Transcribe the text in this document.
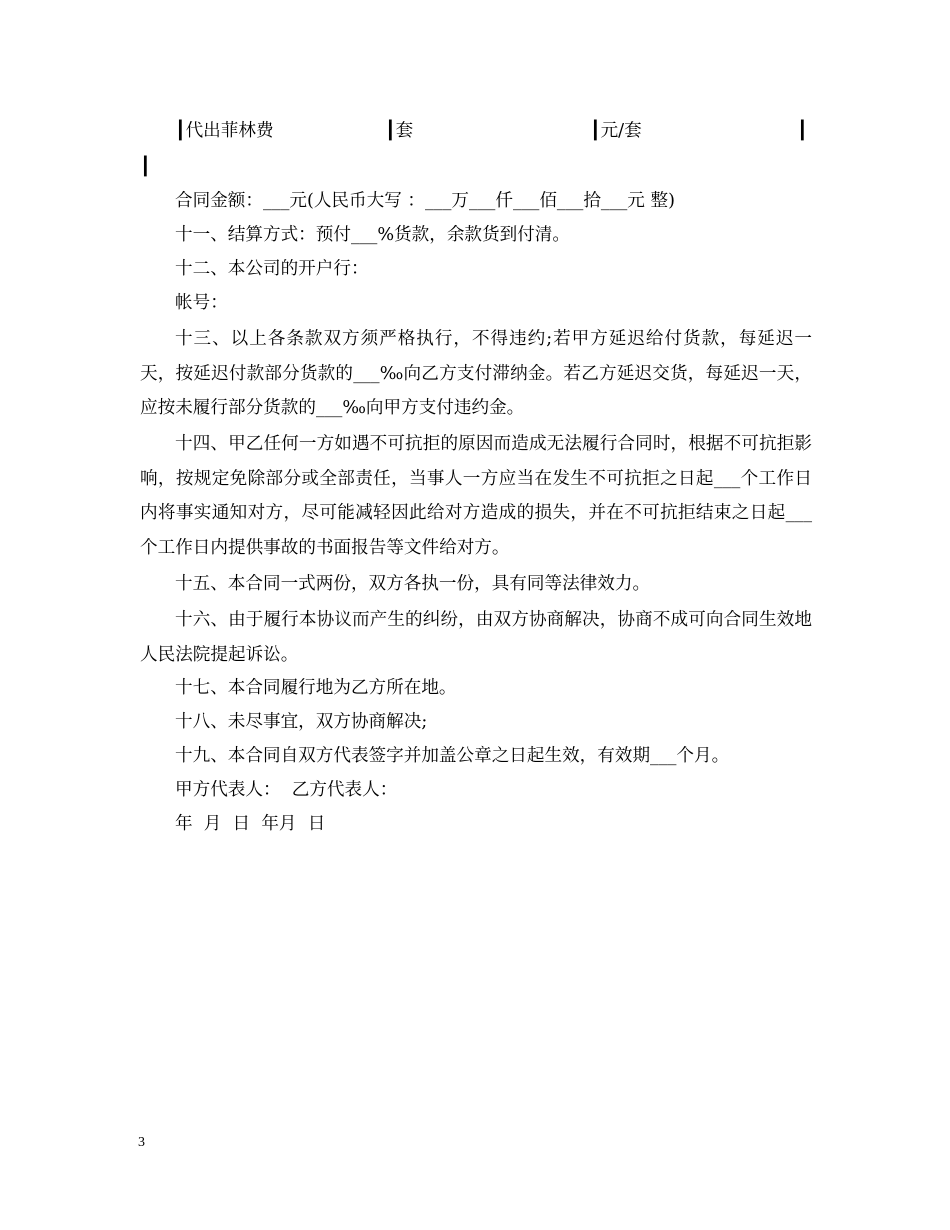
┃代出菲林费	┃套	┃元/套	┃
┃
合同金额：___元(人民币大写 ：___万___仟___佰___拾___元 整)
十一、结算方式：预付___%货款，余款货到付清。
十二、本公司的开户行：
帐号：

十三、以上各条款双方须严格执行，不得违约;若甲方延迟给付货款，每延迟一天，按延迟付款部分货款的___‰向乙方支付滞纳金。若乙方延迟交货，每延迟一天，应按未履行部分货款的___‰向甲方支付违约金。

十四、甲乙任何一方如遇不可抗拒的原因而造成无法履行合同时，根据不可抗拒影响，按规定免除部分或全部责任，当事人一方应当在发生不可抗拒之日起___个工作日内将事实通知对方，尽可能减轻因此给对方造成的损失，并在不可抗拒结束之日起___个工作日内提供事故的书面报告等文件给对方。

十五、本合同一式两份，双方各执一份，具有同等法律效力。

十六、由于履行本协议而产生的纠纷，由双方协商解决，协商不成可向合同生效地人民法院提起诉讼。

十七、本合同履行地为乙方所在地。
十八、未尽事宜，双方协商解决;
十九、本合同自双方代表签字并加盖公章之日起生效，有效期___个月。
甲方代表人：  乙方代表人：
年  月  日  年月  日
3
